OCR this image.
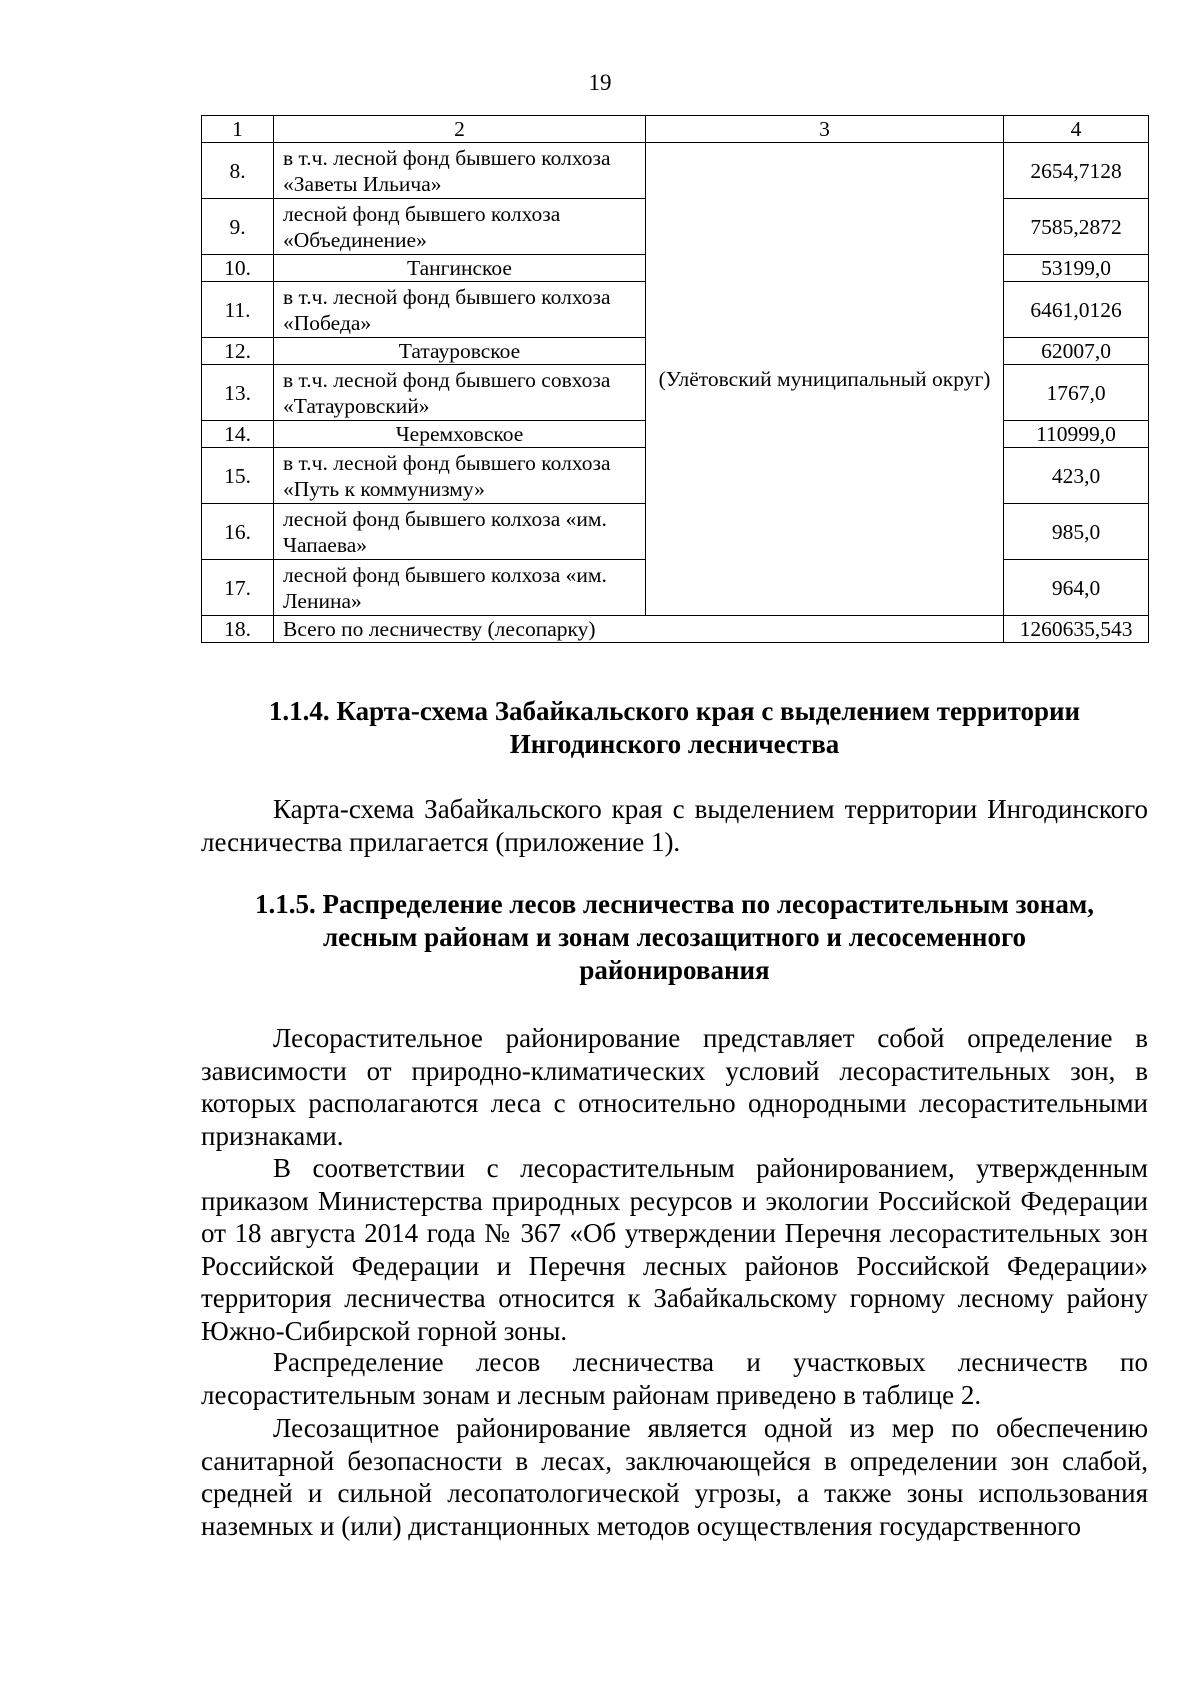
19

1	2	3	4
8.	в т.ч. лесной фонд бывшего колхоза «Заветы Ильича»	(Улётовский муниципальный округ)	2654,7128
9.	лесной фонд бывшего колхоза «Объединение»		7585,2872
10.	Тангинское		53199,0
11.	в т.ч. лесной фонд бывшего колхоза «Победа»		6461,0126
12.	Татауровское		62007,0
13.	в т.ч. лесной фонд бывшего совхоза «Татауровский»		1767,0
14.	Черемховское		110999,0
15.	в т.ч. лесной фонд бывшего колхоза «Путь к коммунизму»		423,0
16.	лесной фонд бывшего колхоза «им. Чапаева»		985,0
17.	лесной фонд бывшего колхоза «им. Ленина»		964,0
18.	Всего по лесничеству (лесопарку)		1260635,543
1.1.4. Карта-схема Забайкальского края с выделением территории Ингодинского лесничества

Карта-схема Забайкальского края с выделением территории Ингодинского лесничества прилагается (приложение 1).

1.1.5. Распределение лесов лесничества по лесорастительным зонам, лесным районам и зонам лесозащитного и лесосеменного районирования

Лесорастительное районирование представляет собой определение в зависимости от природно-климатических условий лесорастительных зон, в которых располагаются леса с относительно однородными лесорастительными признаками.

В соответствии с лесорастительным районированием, утвержденным приказом Министерства природных ресурсов и экологии Российской Федерации от 18 августа 2014 года № 367 «Об утверждении Перечня лесорастительных зон Российской Федерации и Перечня лесных районов Российской Федерации» территория лесничества относится к Забайкальскому горному лесному району Южно-Сибирской горной зоны.

Распределение лесов лесничества и участковых лесничеств по лесорастительным зонам и лесным районам приведено в таблице 2.

Лесозащитное районирование является одной из мер по обеспечению санитарной безопасности в лесах, заключающейся в определении зон слабой, средней и сильной лесопатологической угрозы, а также зоны использования наземных и (или) дистанционных методов осуществления государственного
